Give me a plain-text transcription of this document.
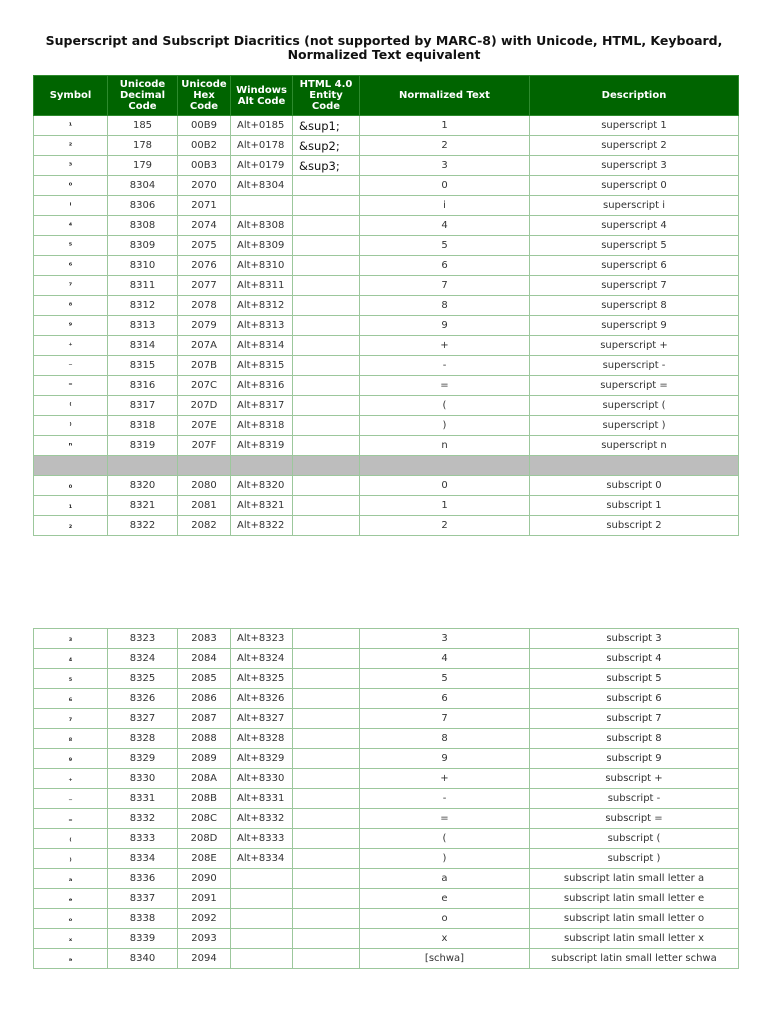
Superscript and Subscript Diacritics (not supported by MARC-8) with Unicode, HTML, Keyboard, Normalized Text equivalent
Symbol	Unicode Decimal Code	Unicode Hex Code	Windows Alt Code	HTML 4.0 Entity Code	Normalized Text	Description
¹	185	00B9	Alt+0185	&sup1;	1	superscript 1
²	178	00B2	Alt+0178	&sup2;	2	superscript 2
³	179	00B3	Alt+0179	&sup3;	3	superscript 3
⁰	8304	2070	Alt+8304		0	superscript 0
ⁱ	8306	2071			i	superscript i
⁴	8308	2074	Alt+8308		4	superscript 4
⁵	8309	2075	Alt+8309		5	superscript 5
⁶	8310	2076	Alt+8310		6	superscript 6
⁷	8311	2077	Alt+8311		7	superscript 7
⁸	8312	2078	Alt+8312		8	superscript 8
⁹	8313	2079	Alt+8313		9	superscript 9
⁺	8314	207A	Alt+8314		+	superscript +
⁻	8315	207B	Alt+8315		-	superscript -
⁼	8316	207C	Alt+8316		=	superscript =
⁽	8317	207D	Alt+8317		(	superscript (
⁾	8318	207E	Alt+8318		)	superscript )
ⁿ	8319	207F	Alt+8319		n	superscript n

₀	8320	2080	Alt+8320		0	subscript 0
₁	8321	2081	Alt+8321		1	subscript 1
₂	8322	2082	Alt+8322		2	subscript 2
₃	8323	2083	Alt+8323		3	subscript 3
₄	8324	2084	Alt+8324		4	subscript 4
₅	8325	2085	Alt+8325		5	subscript 5
₆	8326	2086	Alt+8326		6	subscript 6
₇	8327	2087	Alt+8327		7	subscript 7
₈	8328	2088	Alt+8328		8	subscript 8
₉	8329	2089	Alt+8329		9	subscript 9
₊	8330	208A	Alt+8330		+	subscript +
₋	8331	208B	Alt+8331		-	subscript -
₌	8332	208C	Alt+8332		=	subscript =
₍	8333	208D	Alt+8333		(	subscript (
₎	8334	208E	Alt+8334		)	subscript )
ₐ	8336	2090			a	subscript latin small letter a
ₑ	8337	2091			e	subscript latin small letter e
ₒ	8338	2092			o	subscript latin small letter o
ₓ	8339	2093			x	subscript latin small letter x
ₔ	8340	2094			[schwa]	subscript latin small letter schwa
